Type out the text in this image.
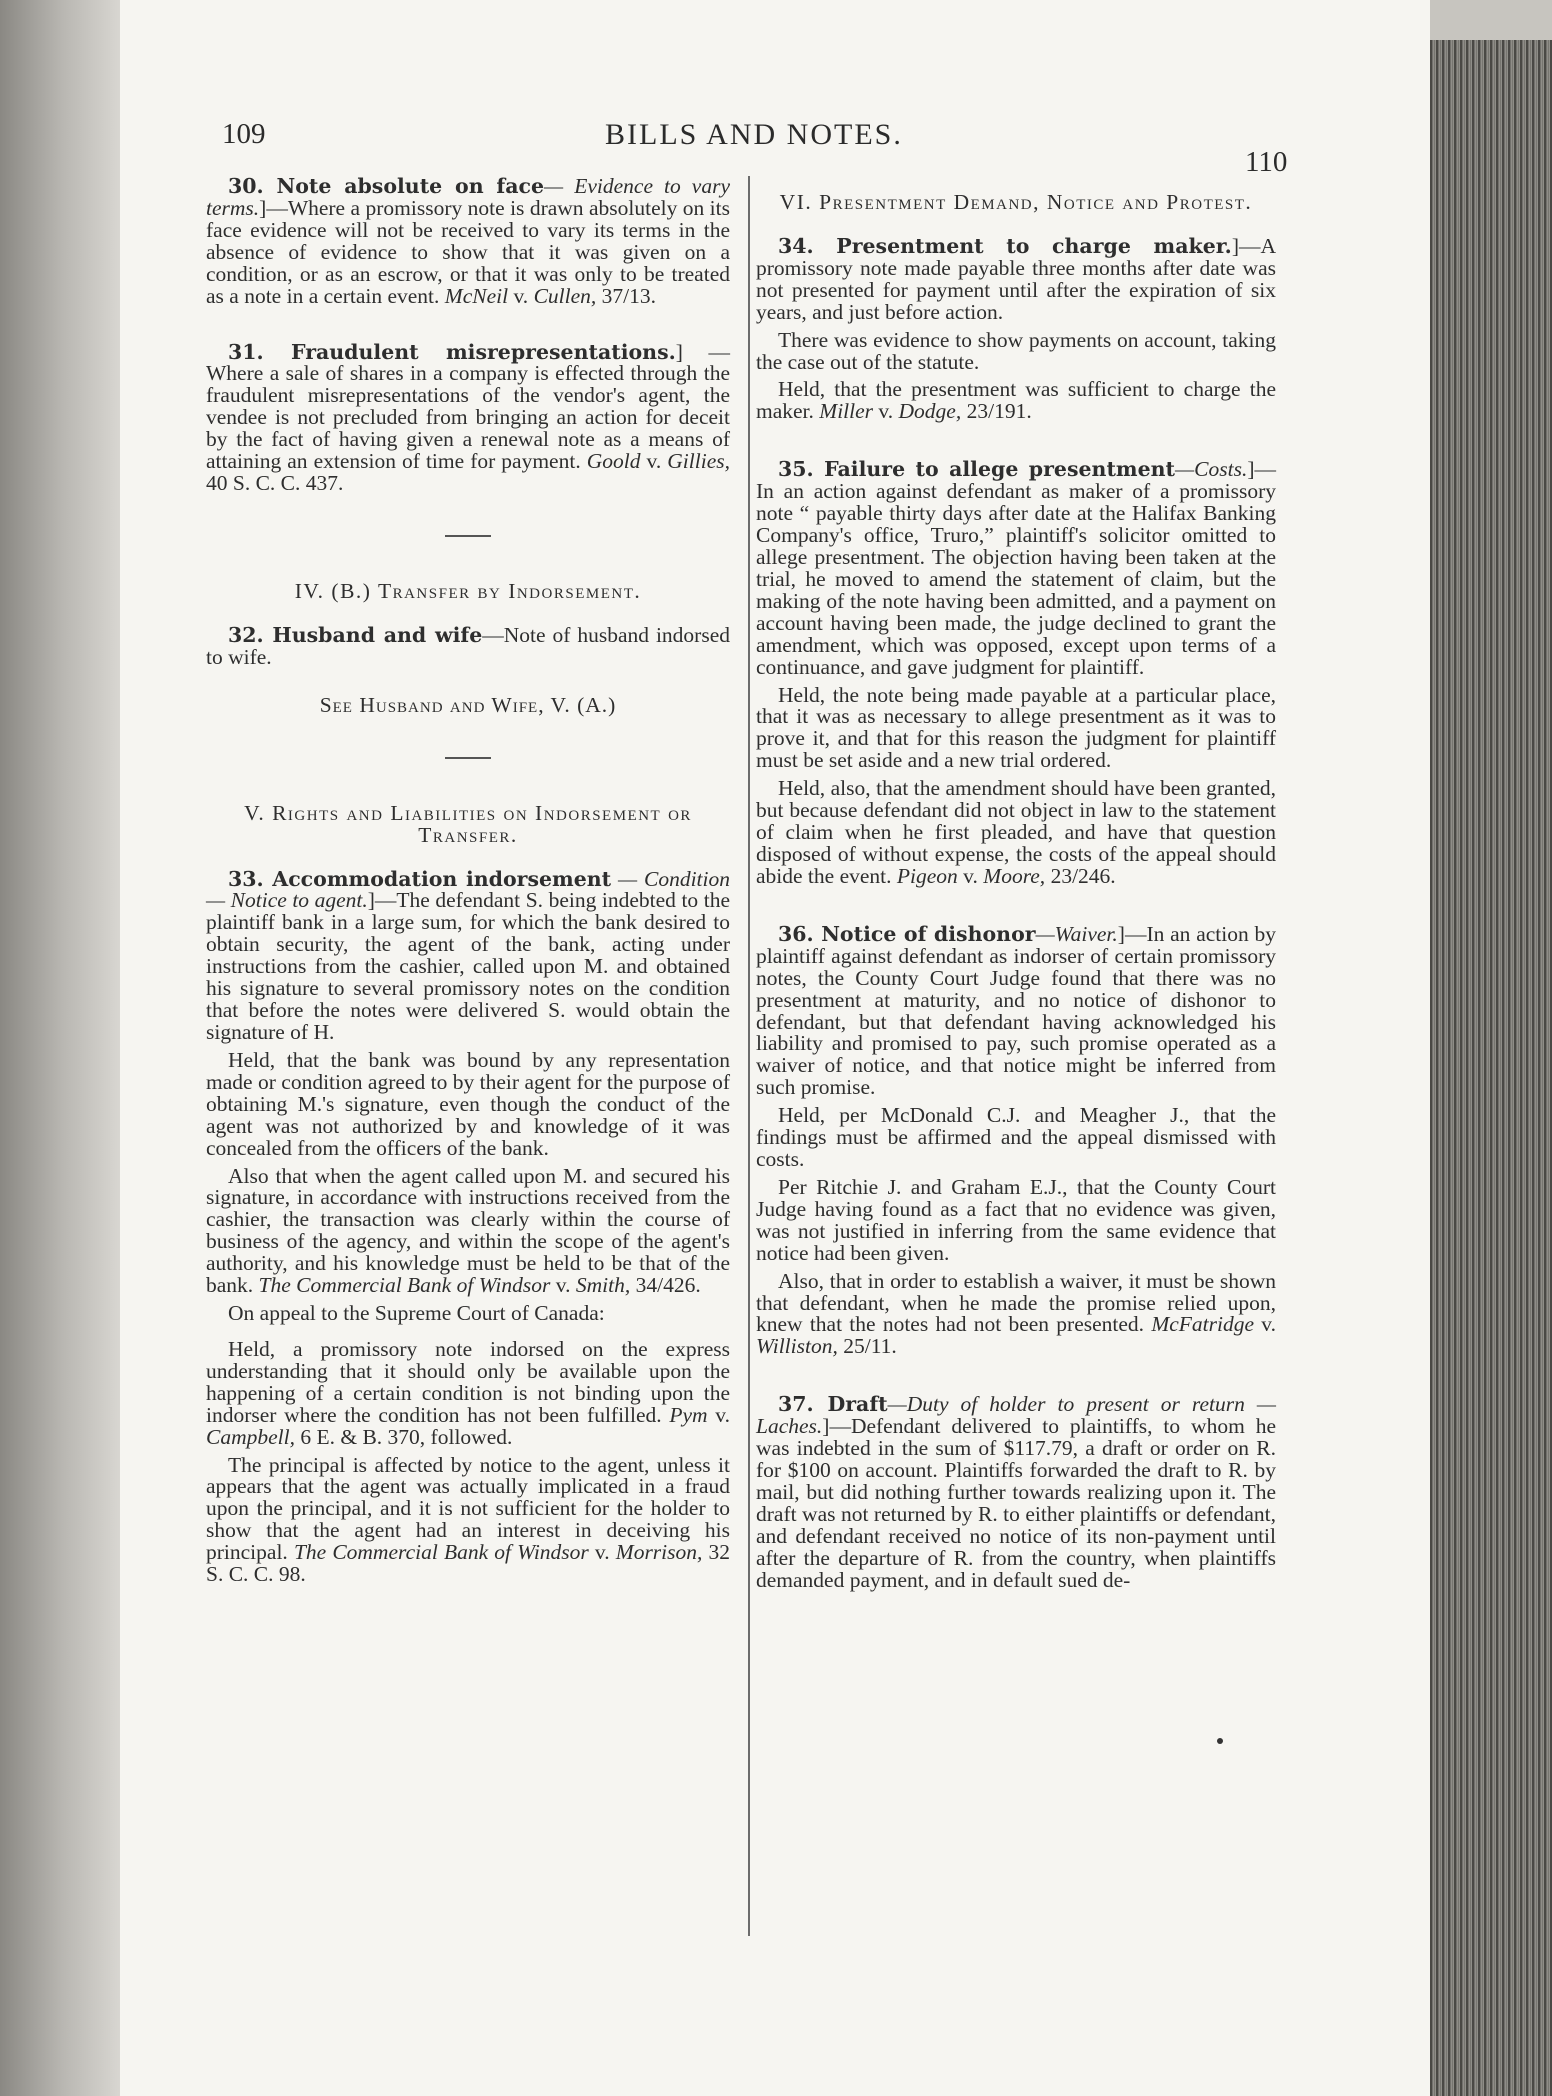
109	BILLS AND NOTES.
110

30. Note absolute on face— Evidence to vary terms.]—Where a promissory note is drawn absolutely on its face evidence will not be received to vary its terms in the absence of evidence to show that it was given on a condition, or as an escrow, or that it was only to be treated as a note in a certain event. McNeil v. Cullen, 37/13.

31. Fraudulent misrepresentations.] — Where a sale of shares in a company is effected through the fraudulent misrepresentations of the vendor's agent, the vendee is not precluded from bringing an action for deceit by the fact of having given a renewal note as a means of attaining an extension of time for payment. Goold v. Gillies, 40 S. C. C. 437.

IV. (B.) Transfer by Indorsement.

32. Husband and wife—Note of husband indorsed to wife.

See Husband and Wife, V. (A.)
V. Rights and Liabilities on Indorsement or Transfer.

33. Accommodation indorsement — Condition — Notice to agent.]—The defendant S. being indebted to the plaintiff bank in a large sum, for which the bank desired to obtain security, the agent of the bank, acting under instructions from the cashier, called upon M. and obtained his signature to several promissory notes on the condition that before the notes were delivered S. would obtain the signature of H.

Held, that the bank was bound by any representation made or condition agreed to by their agent for the purpose of obtaining M.'s signature, even though the conduct of the agent was not authorized by and knowledge of it was concealed from the officers of the bank.

Also that when the agent called upon M. and secured his signature, in accordance with instructions received from the cashier, the transaction was clearly within the course of business of the agency, and within the scope of the agent's authority, and his knowledge must be held to be that of the bank. The Commercial Bank of Windsor v. Smith, 34/426.

On appeal to the Supreme Court of Canada:

Held, a promissory note indorsed on the express understanding that it should only be available upon the happening of a certain condition is not binding upon the indorser where the condition has not been fulfilled. Pym v. Campbell, 6 E. & B. 370, followed.

The principal is affected by notice to the agent, unless it appears that the agent was actually implicated in a fraud upon the principal, and it is not sufficient for the holder to show that the agent had an interest in deceiving his principal. The Commercial Bank of Windsor v. Morrison, 32 S. C. C. 98.

VI. Presentment Demand, Notice and Protest.

34. Presentment to charge maker.]—A promissory note made payable three months after date was not presented for payment until after the expiration of six years, and just before action.

There was evidence to show payments on account, taking the case out of the statute.

Held, that the presentment was sufficient to charge the maker. Miller v. Dodge, 23/191.

35. Failure to allege presentment—Costs.]—In an action against defendant as maker of a promissory note “ payable thirty days after date at the Halifax Banking Company's office, Truro,” plaintiff's solicitor omitted to allege presentment. The objection having been taken at the trial, he moved to amend the statement of claim, but the making of the note having been admitted, and a payment on account having been made, the judge declined to grant the amendment, which was opposed, except upon terms of a continuance, and gave judgment for plaintiff.

Held, the note being made payable at a particular place, that it was as necessary to allege presentment as it was to prove it, and that for this reason the judgment for plaintiff must be set aside and a new trial ordered.

Held, also, that the amendment should have been granted, but because defendant did not object in law to the statement of claim when he first pleaded, and have that question disposed of without expense, the costs of the appeal should abide the event. Pigeon v. Moore, 23/246.

36. Notice of dishonor—Waiver.]—In an action by plaintiff against defendant as indorser of certain promissory notes, the County Court Judge found that there was no presentment at maturity, and no notice of dishonor to defendant, but that defendant having acknowledged his liability and promised to pay, such promise operated as a waiver of notice, and that notice might be inferred from such promise.

Held, per McDonald C.J. and Meagher J., that the findings must be affirmed and the appeal dismissed with costs.

Per Ritchie J. and Graham E.J., that the County Court Judge having found as a fact that no evidence was given, was not justified in inferring from the same evidence that notice had been given.

Also, that in order to establish a waiver, it must be shown that defendant, when he made the promise relied upon, knew that the notes had not been presented. McFatridge v. Williston, 25/11.

37. Draft—Duty of holder to present or return — Laches.]—Defendant delivered to plaintiffs, to whom he was indebted in the sum of $117.79, a draft or order on R. for $100 on account. Plaintiffs forwarded the draft to R. by mail, but did nothing further towards realizing upon it. The draft was not returned by R. to either plaintiffs or defendant, and defendant received no notice of its non-payment until after the departure of R. from the country, when plaintiffs demanded payment, and in default sued de-
